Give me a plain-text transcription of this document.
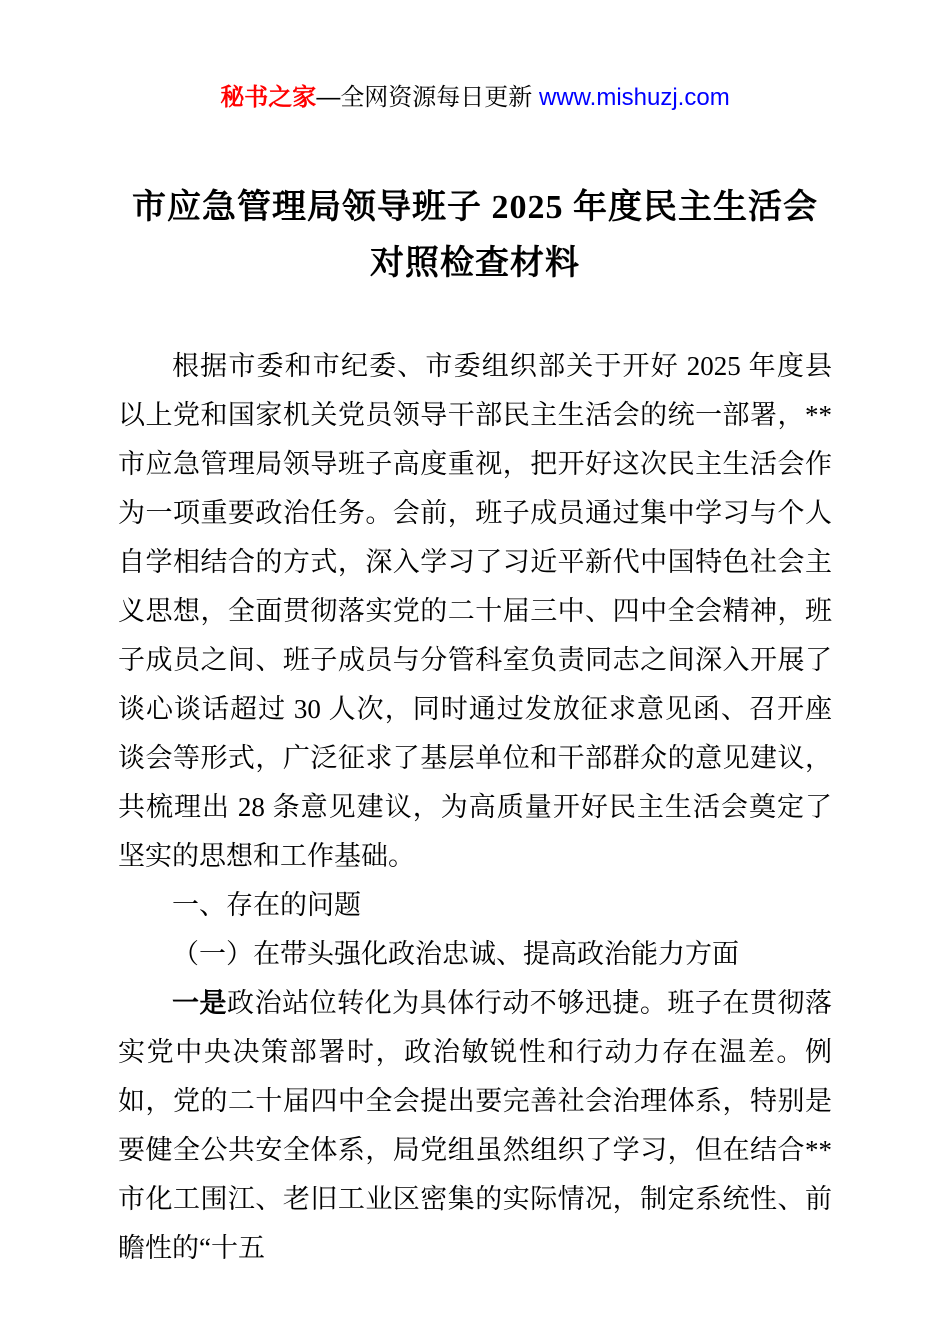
秘书之家—全网资源每日更新 www.mishuzj.com
市应急管理局领导班子 2025 年度民主生活会
对照检查材料

根据市委和市纪委、市委组织部关于开好 2025 年度县以上党和国家机关党员领导干部民主生活会的统一部署，**市应急管理局领导班子高度重视，把开好这次民主生活会作为一项重要政治任务。会前，班子成员通过集中学习与个人自学相结合的方式，深入学习了习近平新代中国特色社会主义思想，全面贯彻落实党的二十届三中、四中全会精神，班子成员之间、班子成员与分管科室负责同志之间深入开展了谈心谈话超过 30 人次，同时通过发放征求意见函、召开座谈会等形式，广泛征求了基层单位和干部群众的意见建议，共梳理出 28 条意见建议，为高质量开好民主生活会奠定了坚实的思想和工作基础。

一、存在的问题

（一）在带头强化政治忠诚、提高政治能力方面

一是政治站位转化为具体行动不够迅捷。班子在贯彻落实党中央决策部署时，政治敏锐性和行动力存在温差。例如，党的二十届四中全会提出要完善社会治理体系，特别是要健全公共安全体系，局党组虽然组织了学习，但在结合**市化工围江、老旧工业区密集的实际情况，制定系统性、前瞻性的“十五
